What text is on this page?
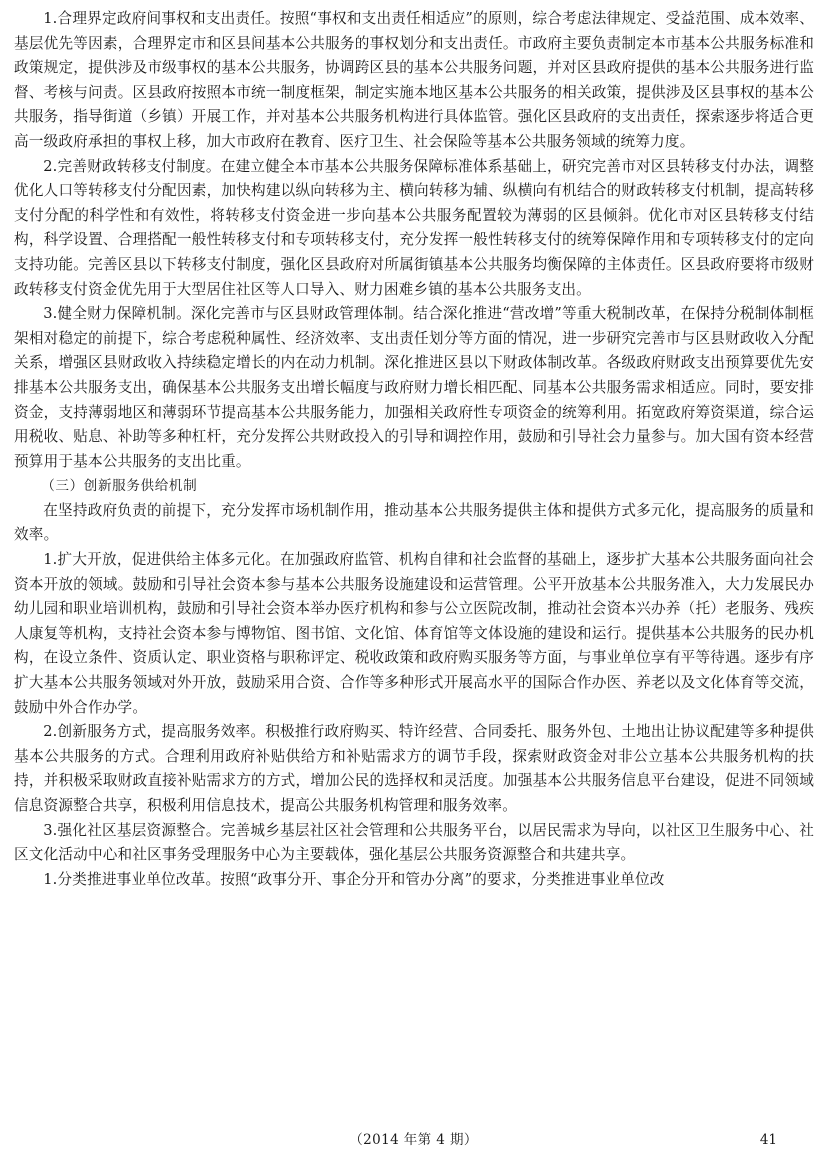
1.合理界定政府间事权和支出责任。按照“事权和支出责任相适应”的原则，综合考虑法律规定、受益范围、成本效率、基层优先等因素，合理界定市和区县间基本公共服务的事权划分和支出责任。市政府主要负责制定本市基本公共服务标准和政策规定，提供涉及市级事权的基本公共服务，协调跨区县的基本公共服务问题，并对区县政府提供的基本公共服务进行监督、考核与问责。区县政府按照本市统一制度框架，制定实施本地区基本公共服务的相关政策，提供涉及区县事权的基本公共服务，指导街道（乡镇）开展工作，并对基本公共服务机构进行具体监管。强化区县政府的支出责任，探索逐步将适合更高一级政府承担的事权上移，加大市政府在教育、医疗卫生、社会保险等基本公共服务领域的统筹力度。

2.完善财政转移支付制度。在建立健全本市基本公共服务保障标准体系基础上，研究完善市对区县转移支付办法，调整优化人口等转移支付分配因素，加快构建以纵向转移为主、横向转移为辅、纵横向有机结合的财政转移支付机制，提高转移支付分配的科学性和有效性，将转移支付资金进一步向基本公共服务配置较为薄弱的区县倾斜。优化市对区县转移支付结构，科学设置、合理搭配一般性转移支付和专项转移支付，充分发挥一般性转移支付的统筹保障作用和专项转移支付的定向支持功能。完善区县以下转移支付制度，强化区县政府对所属街镇基本公共服务均衡保障的主体责任。区县政府要将市级财政转移支付资金优先用于大型居住社区等人口导入、财力困难乡镇的基本公共服务支出。

3.健全财力保障机制。深化完善市与区县财政管理体制。结合深化推进“营改增”等重大税制改革，在保持分税制体制框架相对稳定的前提下，综合考虑税种属性、经济效率、支出责任划分等方面的情况，进一步研究完善市与区县财政收入分配关系，增强区县财政收入持续稳定增长的内在动力机制。深化推进区县以下财政体制改革。各级政府财政支出预算要优先安排基本公共服务支出，确保基本公共服务支出增长幅度与政府财力增长相匹配、同基本公共服务需求相适应。同时，要安排资金，支持薄弱地区和薄弱环节提高基本公共服务能力，加强相关政府性专项资金的统筹利用。拓宽政府筹资渠道，综合运用税收、贴息、补助等多种杠杆，充分发挥公共财政投入的引导和调控作用，鼓励和引导社会力量参与。加大国有资本经营预算用于基本公共服务的支出比重。

（三）创新服务供给机制

在坚持政府负责的前提下，充分发挥市场机制作用，推动基本公共服务提供主体和提供方式多元化，提高服务的质量和效率。

1.扩大开放，促进供给主体多元化。在加强政府监管、机构自律和社会监督的基础上，逐步扩大基本公共服务面向社会资本开放的领域。鼓励和引导社会资本参与基本公共服务设施建设和运营管理。公平开放基本公共服务准入，大力发展民办幼儿园和职业培训机构，鼓励和引导社会资本举办医疗机构和参与公立医院改制，推动社会资本兴办养（托）老服务、残疾人康复等机构，支持社会资本参与博物馆、图书馆、文化馆、体育馆等文体设施的建设和运行。提供基本公共服务的民办机构，在设立条件、资质认定、职业资格与职称评定、税收政策和政府购买服务等方面，与事业单位享有平等待遇。逐步有序扩大基本公共服务领域对外开放，鼓励采用合资、合作等多种形式开展高水平的国际合作办医、养老以及文化体育等交流，鼓励中外合作办学。

2.创新服务方式，提高服务效率。积极推行政府购买、特许经营、合同委托、服务外包、土地出让协议配建等多种提供基本公共服务的方式。合理利用政府补贴供给方和补贴需求方的调节手段，探索财政资金对非公立基本公共服务机构的扶持，并积极采取财政直接补贴需求方的方式，增加公民的选择权和灵活度。加强基本公共服务信息平台建设，促进不同领域信息资源整合共享，积极利用信息技术，提高公共服务机构管理和服务效率。

3.强化社区基层资源整合。完善城乡基层社区社会管理和公共服务平台，以居民需求为导向，以社区卫生服务中心、社区文化活动中心和社区事务受理服务中心为主要载体，强化基层公共服务资源整合和共建共享。

1.分类推进事业单位改革。按照“政事分开、事企分开和管办分离”的要求，分类推进事业单位改

（2014 年第 4 期）	41
